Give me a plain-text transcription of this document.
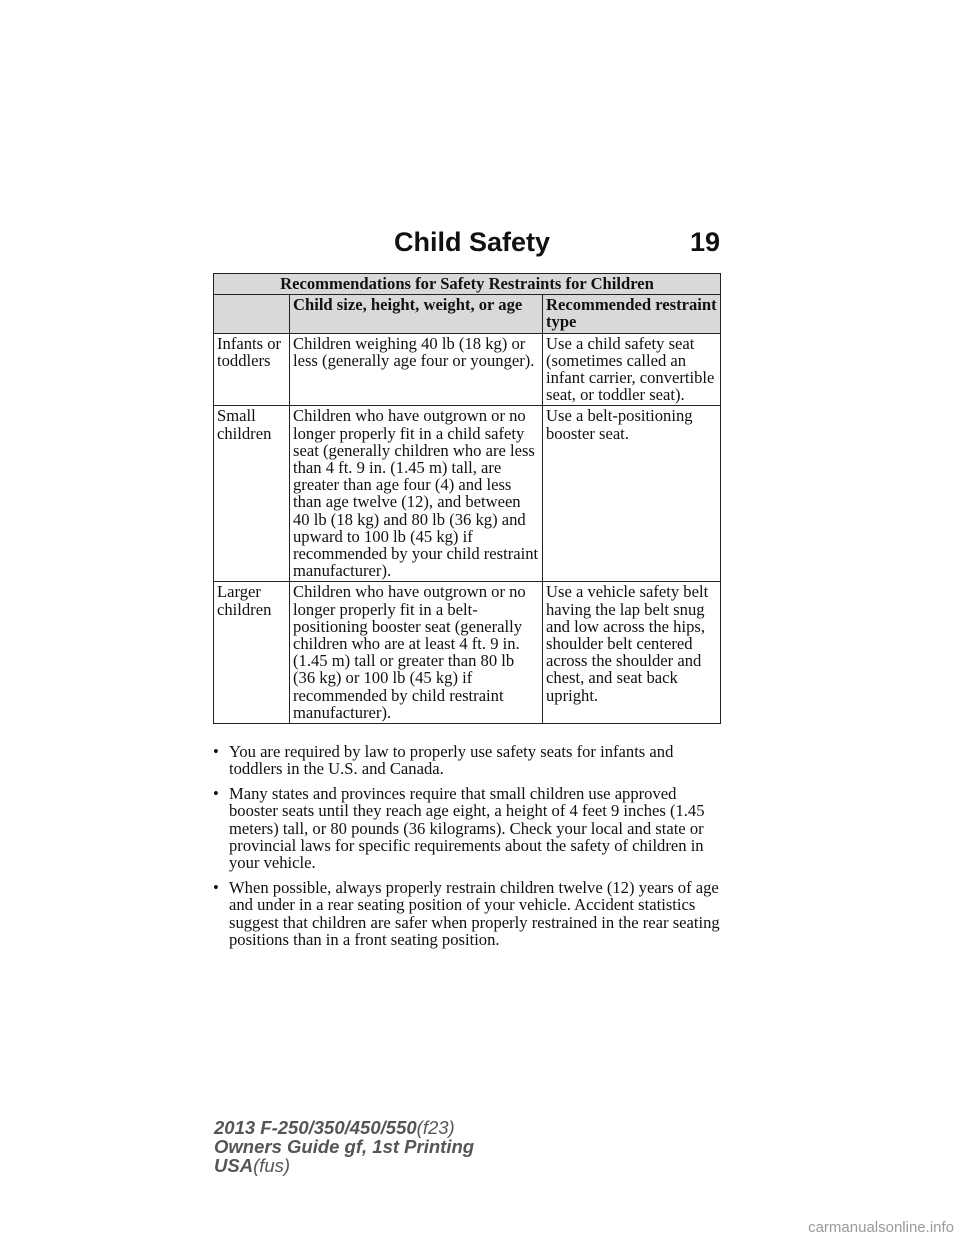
Child Safety	19
Recommendations for Safety Restraints for Children		
	Child size, height, weight, or age	Recommended restraint type
Infants or toddlers	Children weighing 40 lb (18 kg) or less (generally age four or younger).	Use a child safety seat (sometimes called an infant carrier, convertible seat, or toddler seat).
Small children	Children who have outgrown or no longer properly fit in a child safety seat (generally children who are less than 4 ft. 9 in. (1.45 m) tall, are greater than age four (4) and less than age twelve (12), and between 40 lb (18 kg) and 80 lb (36 kg) and upward to 100 lb (45 kg) if recommended by your child restraint manufacturer).	Use a belt-positioning booster seat.
Larger children	Children who have outgrown or no longer properly fit in a belt-positioning booster seat (generally children who are at least 4 ft. 9 in. (1.45 m) tall or greater than 80 lb (36 kg) or 100 lb (45 kg) if recommended by child restraint manufacturer).	Use a vehicle safety belt having the lap belt snug and low across the hips, shoulder belt centered across the shoulder and chest, and seat back upright.
• You are required by law to properly use safety seats for infants and toddlers in the U.S. and Canada.
• Many states and provinces require that small children use approved booster seats until they reach age eight, a height of 4 feet 9 inches (1.45 meters) tall, or 80 pounds (36 kilograms). Check your local and state or provincial laws for specific requirements about the safety of children in your vehicle.
• When possible, always properly restrain children twelve (12) years of age and under in a rear seating position of your vehicle. Accident statistics suggest that children are safer when properly restrained in the rear seating positions than in a front seating position.
2013 F-250/350/450/550(f23)
Owners Guide gf, 1st Printing
USA(fus)
carmanualsonline.info
